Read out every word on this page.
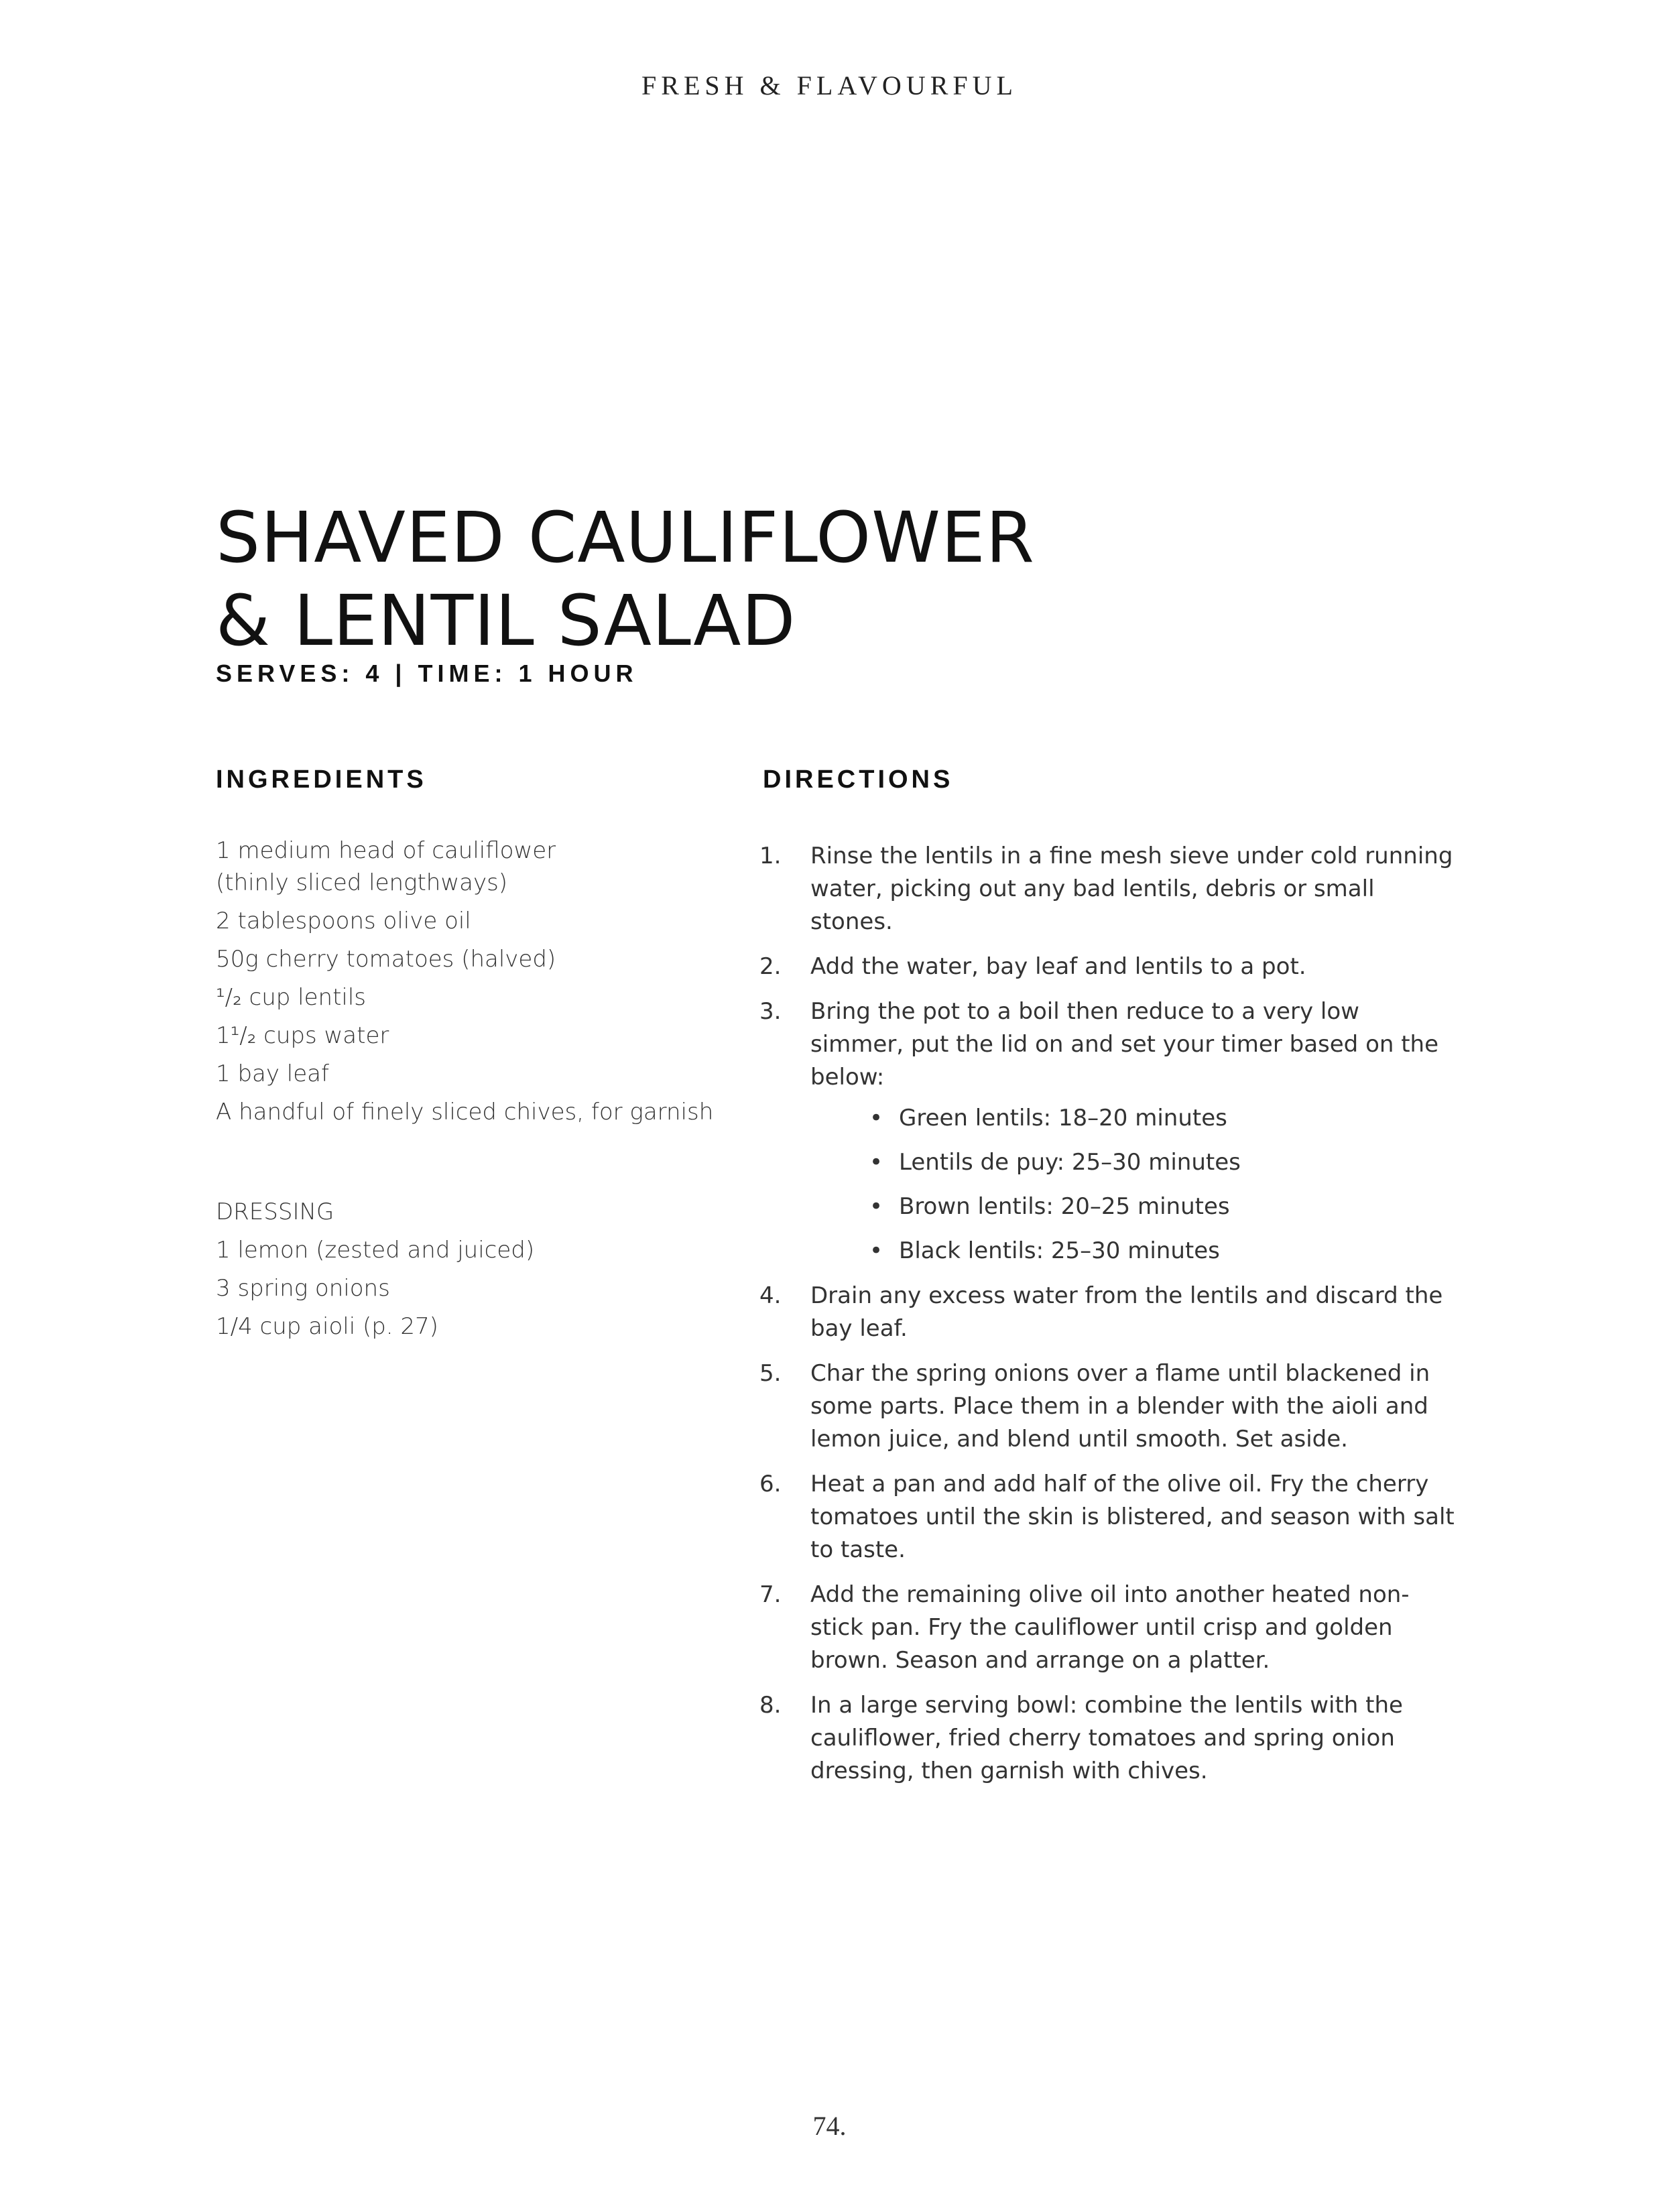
FRESH & FLAVOURFUL
SHAVED CAULIFLOWER
& LENTIL SALAD
SERVES: 4 | TIME: 1 HOUR
INGREDIENTS	DIRECTIONS
1 medium head of cauliflower
(thinly sliced lengthways)
2 tablespoons olive oil
50g cherry tomatoes (halved)
¹/₂ cup lentils
1¹/₂ cups water
1 bay leaf
A handful of finely sliced chives, for garnish
DRESSING
1 lemon (zested and juiced)
3 spring onions
1/4 cup aioli (p. 27)
1. Rinse the lentils in a fine mesh sieve under cold running water, picking out any bad lentils, debris or small stones.
2. Add the water, bay leaf and lentils to a pot.
3. Bring the pot to a boil then reduce to a very low simmer, put the lid on and set your timer based on the below:
• Green lentils: 18–20 minutes
• Lentils de puy: 25–30 minutes
• Brown lentils: 20–25 minutes
• Black lentils: 25–30 minutes
4. Drain any excess water from the lentils and discard the bay leaf.
5. Char the spring onions over a flame until blackened in some parts. Place them in a blender with the aioli and lemon juice, and blend until smooth. Set aside.
6. Heat a pan and add half of the olive oil. Fry the cherry tomatoes until the skin is blistered, and season with salt to taste.
7. Add the remaining olive oil into another heated non-stick pan. Fry the cauliflower until crisp and golden brown. Season and arrange on a platter.
8. In a large serving bowl: combine the lentils with the cauliflower, fried cherry tomatoes and spring onion dressing, then garnish with chives.
74.
